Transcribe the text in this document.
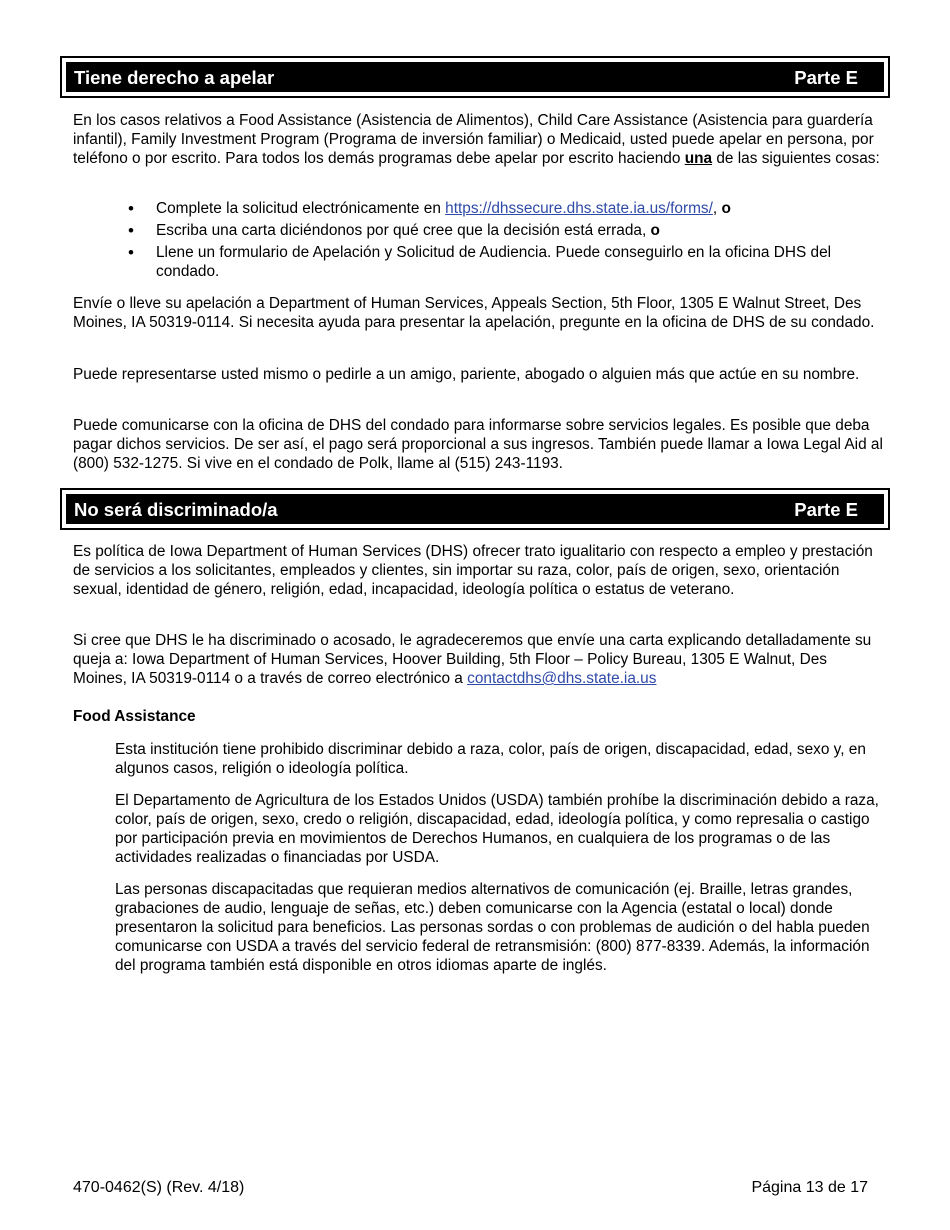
Tiene derecho a apelar	Parte E

En los casos relativos a Food Assistance (Asistencia de Alimentos), Child Care Assistance (Asistencia para guardería infantil), Family Investment Program (Programa de inversión familiar) o Medicaid, usted puede apelar en persona, por teléfono o por escrito. Para todos los demás programas debe apelar por escrito haciendo una de las siguientes cosas:

• Complete la solicitud electrónicamente en https://dhssecure.dhs.state.ia.us/forms/, o
• Escriba una carta diciéndonos por qué cree que la decisión está errada, o
• Llene un formulario de Apelación y Solicitud de Audiencia. Puede conseguirlo en la oficina DHS del condado.

Envíe o lleve su apelación a Department of Human Services, Appeals Section, 5th Floor, 1305 E Walnut Street, Des Moines, IA 50319-0114. Si necesita ayuda para presentar la apelación, pregunte en la oficina de DHS de su condado.

Puede representarse usted mismo o pedirle a un amigo, pariente, abogado o alguien más que actúe en su nombre.

Puede comunicarse con la oficina de DHS del condado para informarse sobre servicios legales. Es posible que deba pagar dichos servicios. De ser así, el pago será proporcional a sus ingresos. También puede llamar a Iowa Legal Aid al (800) 532-1275. Si vive en el condado de Polk, llame al (515) 243-1193.

No será discriminado/a	Parte E

Es política de Iowa Department of Human Services (DHS) ofrecer trato igualitario con respecto a empleo y prestación de servicios a los solicitantes, empleados y clientes, sin importar su raza, color, país de origen, sexo, orientación sexual, identidad de género, religión, edad, incapacidad, ideología política o estatus de veterano.

Si cree que DHS le ha discriminado o acosado, le agradeceremos que envíe una carta explicando detalladamente su queja a: Iowa Department of Human Services, Hoover Building, 5th Floor – Policy Bureau, 1305 E Walnut, Des Moines, IA 50319-0114 o a través de correo electrónico a contactdhs@dhs.state.ia.us

Food Assistance

Esta institución tiene prohibido discriminar debido a raza, color, país de origen, discapacidad, edad, sexo y, en algunos casos, religión o ideología política.

El Departamento de Agricultura de los Estados Unidos (USDA) también prohíbe la discriminación debido a raza, color, país de origen, sexo, credo o religión, discapacidad, edad, ideología política, y como represalia o castigo por participación previa en movimientos de Derechos Humanos, en cualquiera de los programas o de las actividades realizadas o financiadas por USDA.

Las personas discapacitadas que requieran medios alternativos de comunicación (ej. Braille, letras grandes, grabaciones de audio, lenguaje de señas, etc.) deben comunicarse con la Agencia (estatal o local) donde presentaron la solicitud para beneficios. Las personas sordas o con problemas de audición o del habla pueden comunicarse con USDA a través del servicio federal de retransmisión: (800) 877-8339. Además, la información del programa también está disponible en otros idiomas aparte de inglés.

470-0462(S) (Rev. 4/18)	Página 13 de 17
